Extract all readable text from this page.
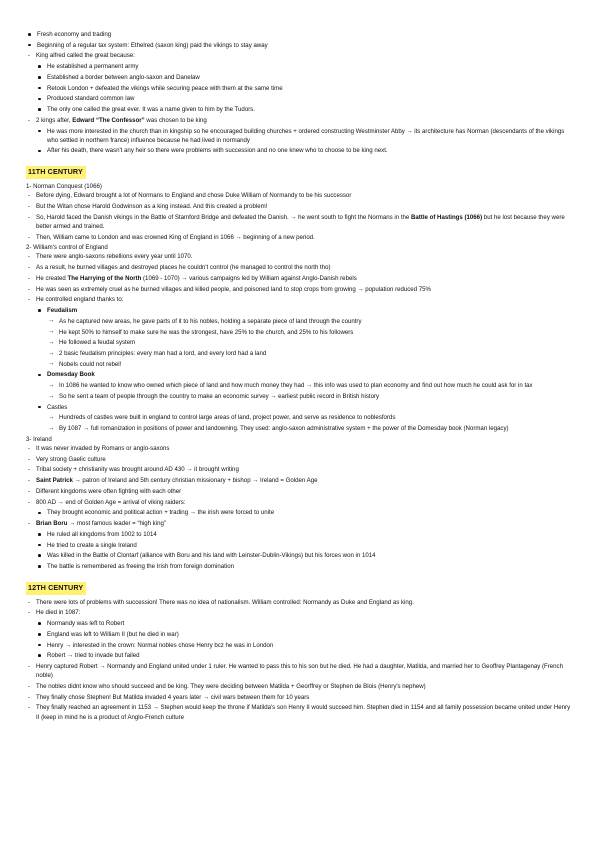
Fresh economy and trading
Beginning of a regular tax system: Ethelred (saxon king) paid the vikings to stay away
- King alfred called the great because:
He established a permanent army
Established a border between anglo-saxon and Danelaw
Retook London + defeated the vikings while securing peace with them at the same time
Produced standard common law
The only one called the great ever. It was a name given to him by the Tudors.
- 2 kings after, Edward “The Confessor” was chosen to be king
He was more interested in the church than in kingship so he encouraged building churches + ordered constructing Westminster Abby → its architecture has Norman (descendants of the vikings who settled in northern france) influence because he had lived in normandy
After his death, there wasn't any heir so there were problems with succession and no one knew who to choose to be king next.
11TH CENTURY
1- Norman Conquest (1066)
- Before dying, Edward brought a lot of Normans to England and chose Duke William of Normandy to be his successor
- But the Witan chose Harold Godwinson as a king instead. And this created a problem!
- So, Harold faced the Danish vikings in the Battle of Stamford Bridge and defeated the Danish. → he went south to fight the Normans in the Battle of Hastings (1066) but he lost because they were better armed and trained.
- Then, William came to London and was crowned King of England in 1066 → beginning of a new period.
2- William's control of England
- There were anglo-saxons rebellions every year until 1070.
- As a result, he burned villages and destroyed places he couldn't control (he managed to control the north tho)
- He created The Harrying of the North (1069 - 1070) → various campaigns led by William against Anglo-Danish rebels
- He was seen as extremely cruel as he burned villages and killed people, and poisoned land to stop crops from growing → population reduced 75%
- He controlled england thanks to:
Feudalism
→ As he captured new areas, he gave parts of it to his nobles, holding a separate piece of land through the country
→ He kept 50% to himself to make sure he was the strongest, have 25% to the church, and 25% to his followers
→ He followed a feudal system
→ 2 basic feudalism principles: every man had a lord, and every lord had a land
→ Nobels could not rebel!
Domesday Book
→ In 1086 he wanted to know who owned which piece of land and how much money they had → this info was used to plan economy and find out how much he could ask for in tax
→ So he sent a team of people through the country to make an economic survey → earliest public record in British history
Castles
→ Hundreds of castles were built in england to control large areas of land, project power, and serve as residence to noblesfords
→ By 1087 → full romanization in positions of power and landowning. They used: anglo-saxon administrative system + the power of the Domesday book (Norman legacy)
3- Ireland
- It was never invaded by Romans or anglo-saxons
- Very strong Gaelic culture
- Tribal society + christianity was brought around AD 430 → it brought writing
- Saint Patrick → patron of Ireland and 5th century christian missionary + bishop → Ireland = Golden Age
- Different kingdoms were often fighting with each other
- 800 AD → end of Golden Age = arrival of viking raiders:
They brought economic and political action + trading → the irish were forced to unite
- Brian Boru → most famous leader = “high king”
He ruled all kingdoms from 1002 to 1014
He tried to create a single Ireland
Was killed in the Battle of Clontarf (alliance with Boru and his land with Leinster-Dublin-Vikings) but his forces won in 1014
The battle is remembered as freeing the Irish from foreign domination
12TH CENTURY
- There were lots of problems with succession! There was no idea of nationalism. William controlled: Normandy as Duke and England as king.
- He died in 1087:
Normandy was left to Robert
England was left to William II (but he died in war)
Henry → interested in the crown: Normal nobles chose Henry bcz he was in London
Robert → tried to invade but failed
- Henry captured Robert → Normandy and England united under 1 ruler. He wanted to pass this to his son but he died. He had a daughter, Matilda, and married her to Geoffrey Plantagenay (French noble)
- The nobles didnt know who should succeed and be king. They were deciding between Matilda + Georffrey or Stephen de Blois (Henry's nephew)
- They finally chose Stephen! But Matilda invaded 4 years later → civil wars between them for 10 years
- They finally reached an agreement in 1153 → Stephen would keep the throne if Matilda's son Henry II would succeed him. Stephen died in 1154 and all family possession became united under Henry II (keep in mind he is a product of Anglo-French culture
